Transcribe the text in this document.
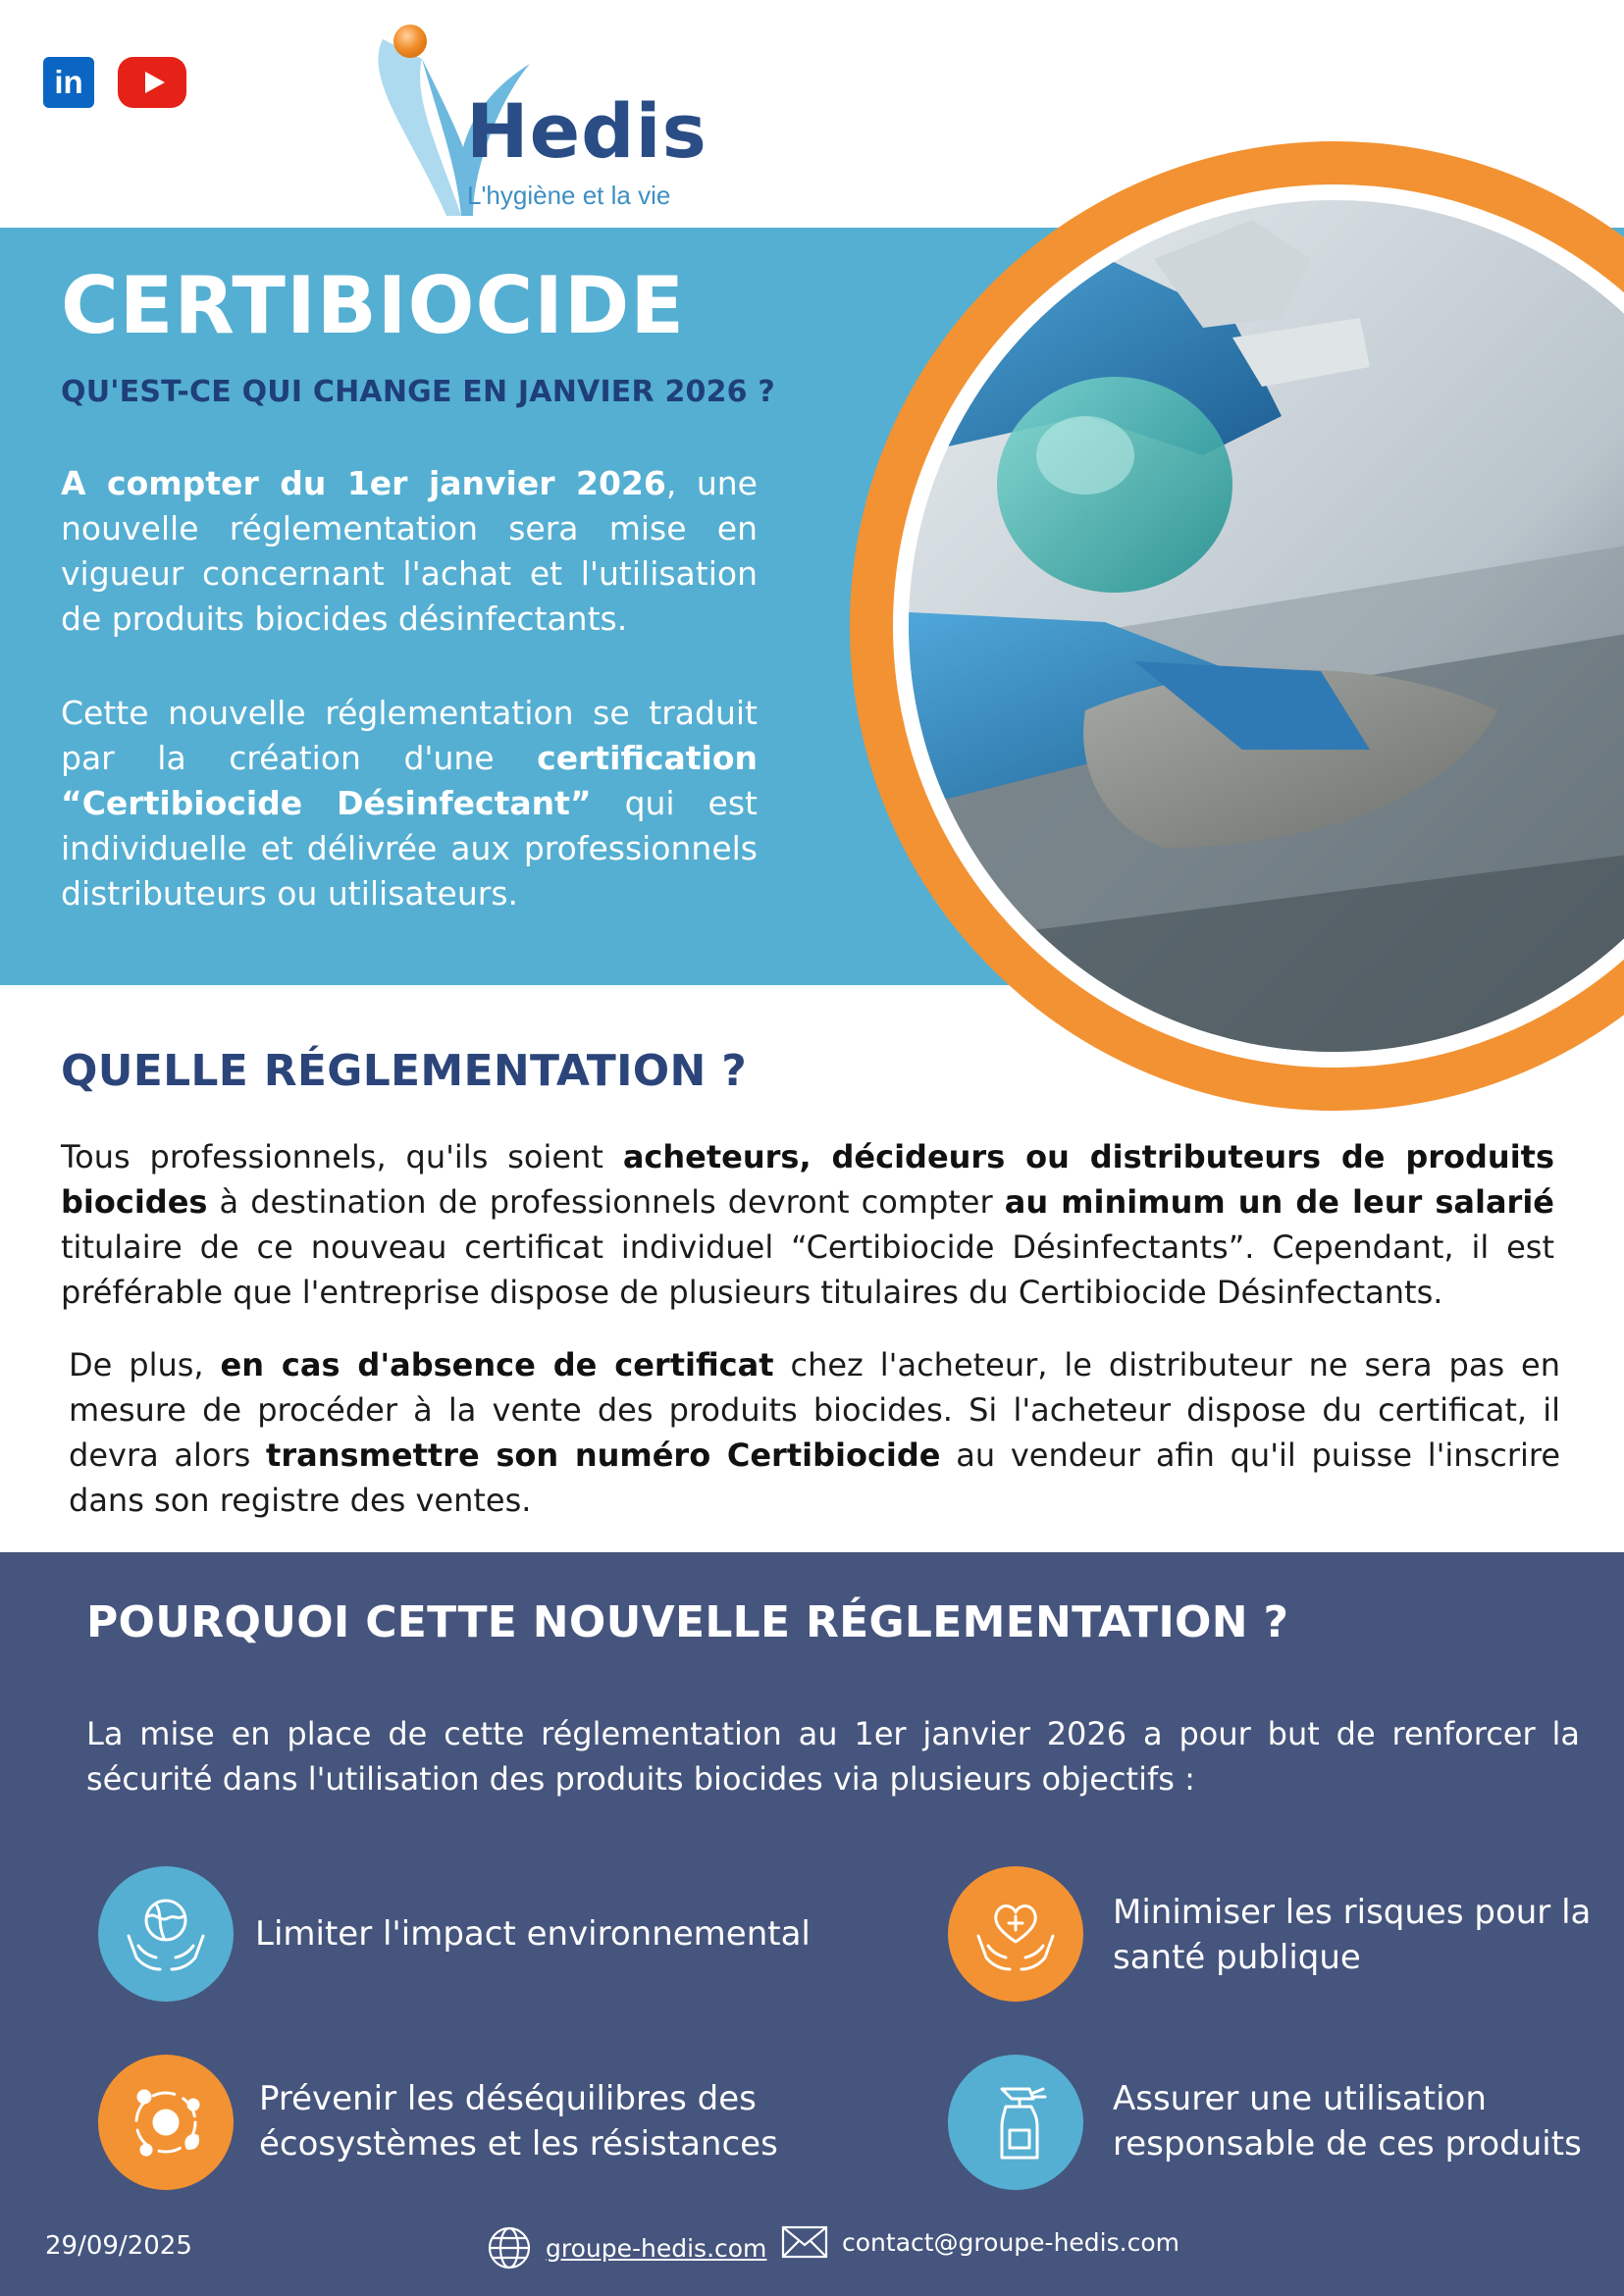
in
Hedis
L'hygiène et la vie
CERTIBIOCIDE
QU'EST-CE QUI CHANGE EN JANVIER 2026 ?

A compter du 1er janvier 2026, une nouvelle réglementation sera mise en vigueur concernant l'achat et l'utilisation de produits biocides désinfectants.

Cette nouvelle réglementation se traduit par la création d'une certification “Certibiocide Désinfectant” qui est individuelle et délivrée aux professionnels distributeurs ou utilisateurs.

QUELLE RÉGLEMENTATION ?

Tous professionnels, qu'ils soient acheteurs, décideurs ou distributeurs de produits biocides à destination de professionnels devront compter au minimum un de leur salarié titulaire de ce nouveau certificat individuel “Certibiocide Désinfectants”. Cependant, il est préférable que l'entreprise dispose de plusieurs titulaires du Certibiocide Désinfectants.

De plus, en cas d'absence de certificat chez l'acheteur, le distributeur ne sera pas en mesure de procéder à la vente des produits biocides. Si l'acheteur dispose du certificat, il devra alors transmettre son numéro Certibiocide au vendeur afin qu'il puisse l'inscrire dans son registre des ventes.

POURQUOI CETTE NOUVELLE RÉGLEMENTATION ?

La mise en place de cette réglementation au 1er janvier 2026 a pour but de renforcer la sécurité dans l'utilisation des produits biocides via plusieurs objectifs :

Limiter l'impact environnemental
Minimiser les risques pour la santé publique
Prévenir les déséquilibres des écosystèmes et les résistances
Assurer une utilisation responsable de ces produits
29/09/2025	groupe-hedis.com	contact@groupe-hedis.com
